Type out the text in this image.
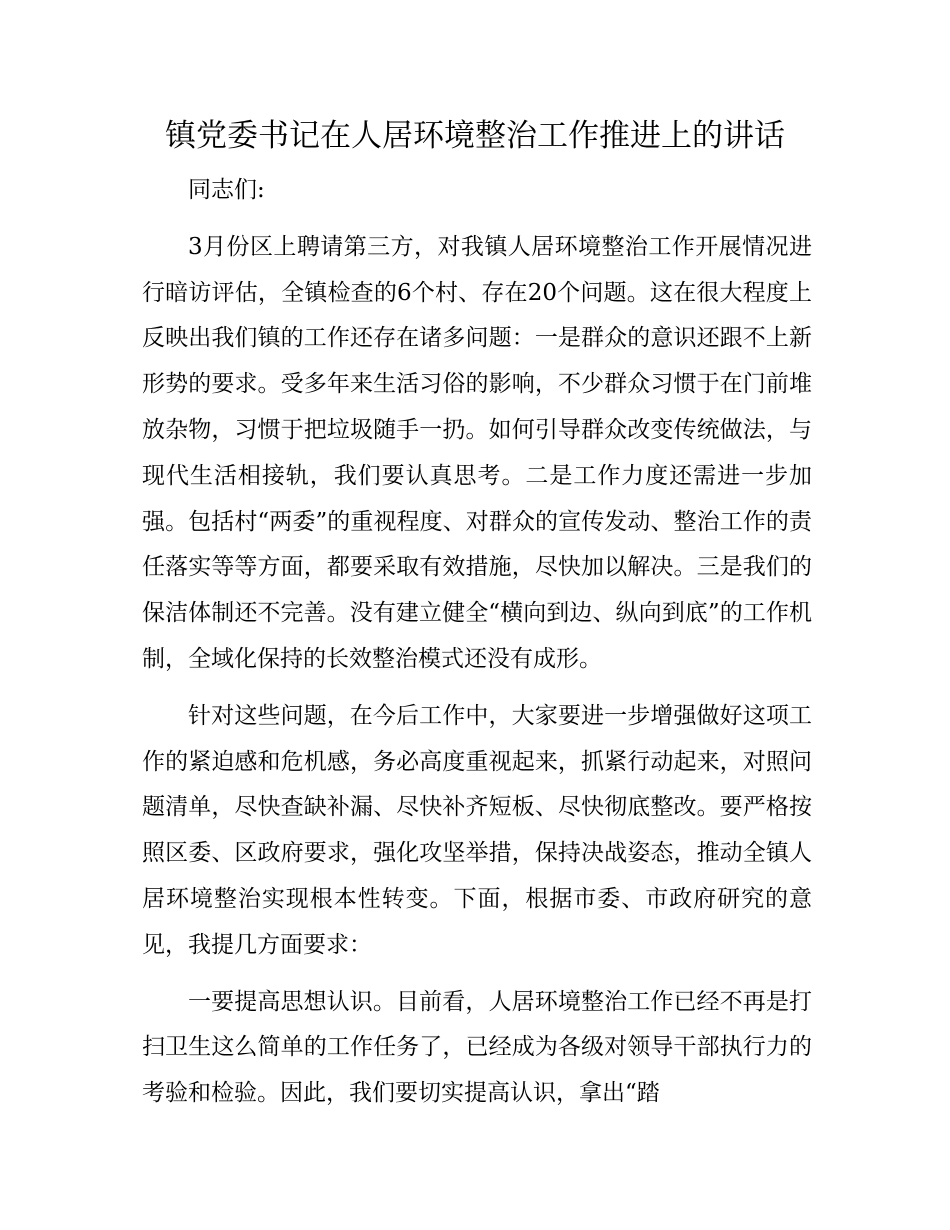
镇党委书记在人居环境整治工作推进上的讲话

同志们:

3月份区上聘请第三方，对我镇人居环境整治工作开展情况进行暗访评估，全镇检查的6个村、存在20个问题。这在很大程度上反映出我们镇的工作还存在诸多问题：一是群众的意识还跟不上新形势的要求。受多年来生活习俗的影响，不少群众习惯于在门前堆放杂物，习惯于把垃圾随手一扔。如何引导群众改变传统做法，与现代生活相接轨，我们要认真思考。二是工作力度还需进一步加强。包括村“两委”的重视程度、对群众的宣传发动、整治工作的责任落实等等方面，都要采取有效措施，尽快加以解决。三是我们的保洁体制还不完善。没有建立健全“横向到边、纵向到底”的工作机制，全域化保持的长效整治模式还没有成形。

针对这些问题，在今后工作中，大家要进一步增强做好这项工作的紧迫感和危机感，务必高度重视起来，抓紧行动起来，对照问题清单，尽快查缺补漏、尽快补齐短板、尽快彻底整改。要严格按照区委、区政府要求，强化攻坚举措，保持决战姿态，推动全镇人居环境整治实现根本性转变。下面，根据市委、市政府研究的意见，我提几方面要求：

一要提高思想认识。目前看，人居环境整治工作已经不再是打扫卫生这么简单的工作任务了，已经成为各级对领导干部执行力的考验和检验。因此，我们要切实提高认识，拿出“踏
